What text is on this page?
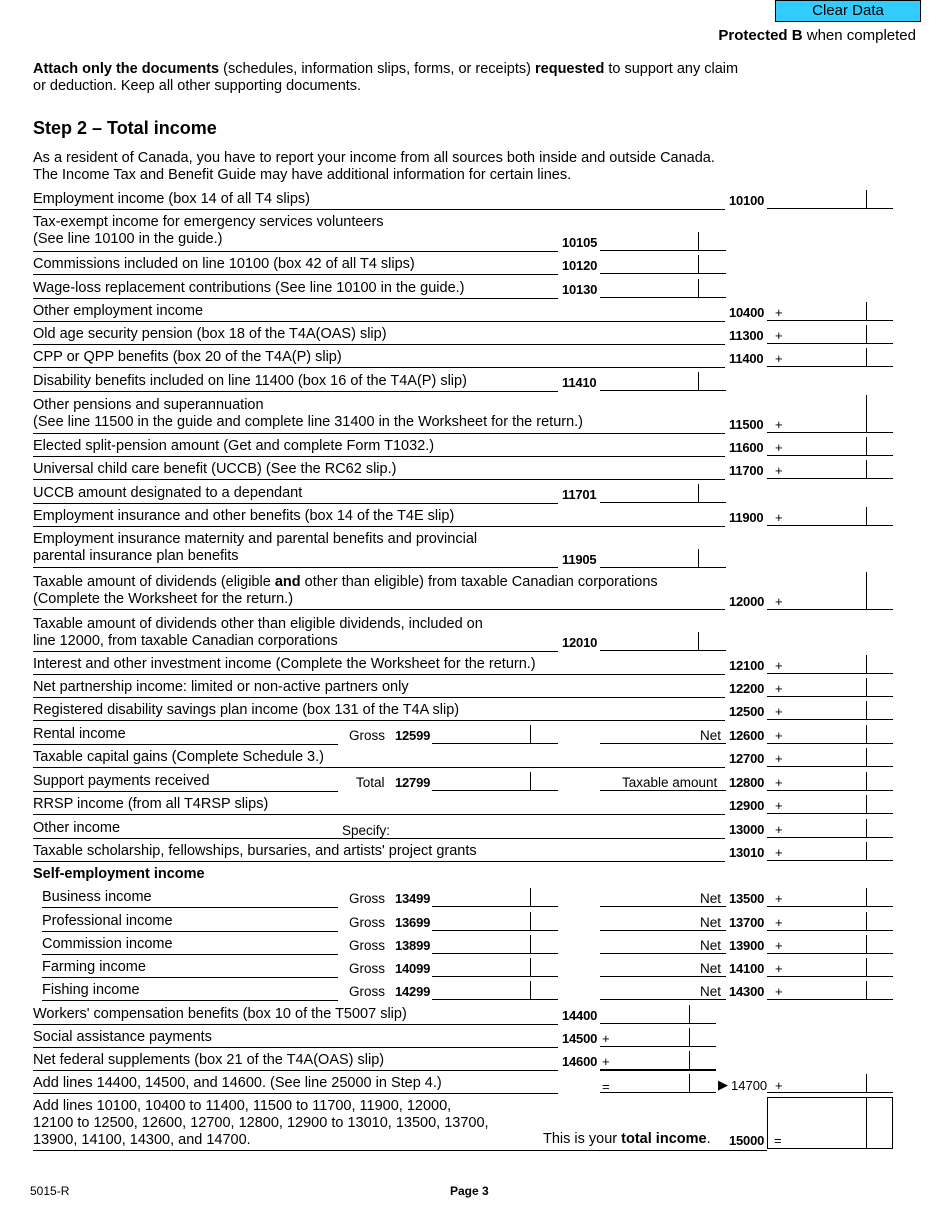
Clear Data
Protected B when completed
Attach only the documents (schedules, information slips, forms, or receipts) requested to support any claim or deduction. Keep all other supporting documents.
Step 2 – Total income
As a resident of Canada, you have to report your income from all sources both inside and outside Canada.
The Income Tax and Benefit Guide may have additional information for certain lines.
Employment income (box 14 of all T4 slips)	10100
Tax-exempt income for emergency services volunteers
(See line 10100 in the guide.)	10105
Commissions included on line 10100 (box 42 of all T4 slips)	10120
Wage-loss replacement contributions (See line 10100 in the guide.)	10130
Other employment income	10400 +
Old age security pension (box 18 of the T4A(OAS) slip)	11300 +
CPP or QPP benefits (box 20 of the T4A(P) slip)	11400 +
Disability benefits included on line 11400 (box 16 of the T4A(P) slip)	11410
Other pensions and superannuation
(See line 11500 in the guide and complete line 31400 in the Worksheet for the return.)	11500 +
Elected split-pension amount (Get and complete Form T1032.)	11600 +
Universal child care benefit (UCCB) (See the RC62 slip.)	11700 +
UCCB amount designated to a dependant	11701
Employment insurance and other benefits (box 14 of the T4E slip)	11900 +
Employment insurance maternity and parental benefits and provincial
parental insurance plan benefits	11905
Taxable amount of dividends (eligible and other than eligible) from taxable Canadian corporations
(Complete the Worksheet for the return.)	12000 +
Taxable amount of dividends other than eligible dividends, included on
line 12000, from taxable Canadian corporations	12010
Interest and other investment income (Complete the Worksheet for the return.)	12100 +
Net partnership income: limited or non-active partners only	12200 +
Registered disability savings plan income (box 131 of the T4A slip)	12500 +
Rental income	Gross 12599	Net 12600 +
Taxable capital gains (Complete Schedule 3.)	12700 +
Support payments received	Total 12799	Taxable amount 12800 +
RRSP income (from all T4RSP slips)	12900 +
Other income	Specify:	13000 +
Taxable scholarship, fellowships, bursaries, and artists' project grants	13010 +
Self-employment income
Business income	Gross 13499	Net 13500 +
Professional income	Gross 13699	Net 13700 +
Commission income	Gross 13899	Net 13900 +
Farming income	Gross 14099	Net 14100 +
Fishing income	Gross 14299	Net 14300 +
Workers' compensation benefits (box 10 of the T5007 slip)	14400
Social assistance payments	14500 +
Net federal supplements (box 21 of the T4A(OAS) slip)	14600 +
Add lines 14400, 14500, and 14600. (See line 25000 in Step 4.)	=	▶ 14700 +
Add lines 10100, 10400 to 11400, 11500 to 11700, 11900, 12000,
12100 to 12500, 12600, 12700, 12800, 12900 to 13010, 13500, 13700,
13900, 14100, 14300, and 14700.	This is your total income. 15000 =
5015-R	Page 3
